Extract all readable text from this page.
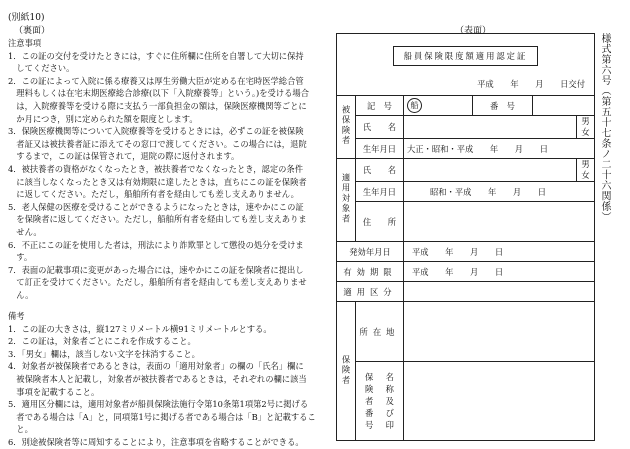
(別紙10)
（裏面）

注意事項

1．この証の交付を受けたときには，すぐに住所欄に住所を自署して大切に保持

　してください。

2．この証によって入院に係る療養又は厚生労働大臣が定める在宅時医学総合管

　理料もしくは在宅末期医療総合診療(以下「入院療養等」という。)を受ける場合

　は，入院療養等を受ける際に支払う一部負担金の額は，保険医療機関等ごとに

　か月につき，別に定められた額を限度とします。

3．保険医療機関等について入院療養等を受けるときには，必ずこの証を被保険

　者証又は被扶養者証に添えてその窓口で渡してください。この場合には，退院

　するまで，この証は保管されて，退院の際に返付されます。

4．被扶養者の資格がなくなったとき，被扶養者でなくなったとき，認定の条件

　に該当しなくなったとき又は有効期限に達したときは，直ちにこの証を保険者

　に返してください。ただし，船舶所有者を経由しても差し支えありません。

5．老人保健の医療を受けることができるようになったときは，速やかにこの証

　を保険者に返してください。ただし，船舶所有者を経由しても差し支えありま

　せん。

6．不正にこの証を使用した者は，刑法により詐欺罪として懲役の処分を受けま

　す。

7．表面の記載事項に変更があった場合には，速やかにこの証を保険者に提出し

　て訂正を受けてください。ただし，船舶所有者を経由しても差し支えありませ

　ん。

備考

1．この証の大きさは，縦127ミリメートル横91ミリメートルとする。

2．この証は，対象者ごとにこれを作成すること。

3．「男女」欄は，該当しない文字を抹消すること。

4．対象者が被保険者であるときは，表面の「適用対象者」の欄の「氏名」欄に

　被保険者本人と記載し，対象者が被扶養者であるときは，それぞれの欄に該当

　事項を記載すること。

5．適用区分欄には，適用対象者が船員保険法施行令第10条第1項第2号に掲げる

　者である場合は「A」と，同項第1号に掲げる者である場合は「B」と記載するこ

　と。

6．別途被保険者等に周知することにより，注意事項を省略することができる。

（表面）
船員保険限度額適用認定証
平成　　年　　月　　日交付					

被保険者	記　号	船	番　号		
	氏　　名				男
女
	生年月日	大正・昭和・平成　　年　　月　　日			
適用対象者	氏　　名				男
女
	生年月日	昭和・平成　　年　　月　　日			
	住　　所				
発効年月日		平成　　年　　月　　日			
有効期限		平成　　年　　月　　日			
適用区分					
保険者	所在地				
	保険者番号 名称及び印				
様式第六号（第五十七条ノ二十六関係）
